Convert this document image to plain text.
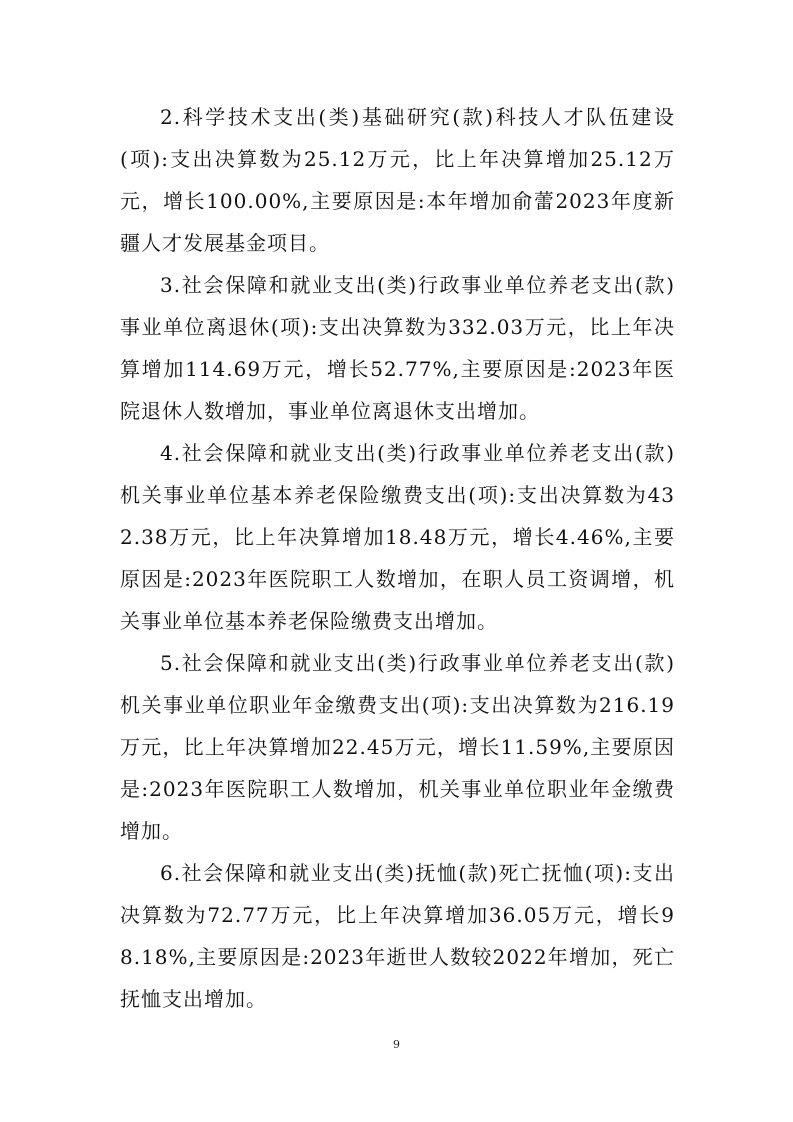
2.科学技术支出(类)基础研究(款)科技人才队伍建设(项):支出决算数为25.12万元，比上年决算增加25.12万元，增长100.00%,主要原因是:本年增加俞蕾2023年度新疆人才发展基金项目。

3.社会保障和就业支出(类)行政事业单位养老支出(款)事业单位离退休(项):支出决算数为332.03万元，比上年决算增加114.69万元，增长52.77%,主要原因是:2023年医院退休人数增加，事业单位离退休支出增加。

4.社会保障和就业支出(类)行政事业单位养老支出(款)机关事业单位基本养老保险缴费支出(项):支出决算数为432.38万元，比上年决算增加18.48万元，增长4.46%,主要原因是:2023年医院职工人数增加，在职人员工资调增，机关事业单位基本养老保险缴费支出增加。

5.社会保障和就业支出(类)行政事业单位养老支出(款)机关事业单位职业年金缴费支出(项):支出决算数为216.19万元，比上年决算增加22.45万元，增长11.59%,主要原因是:2023年医院职工人数增加，机关事业单位职业年金缴费增加。

6.社会保障和就业支出(类)抚恤(款)死亡抚恤(项):支出决算数为72.77万元，比上年决算增加36.05万元，增长98.18%,主要原因是:2023年逝世人数较2022年增加，死亡抚恤支出增加。

9
